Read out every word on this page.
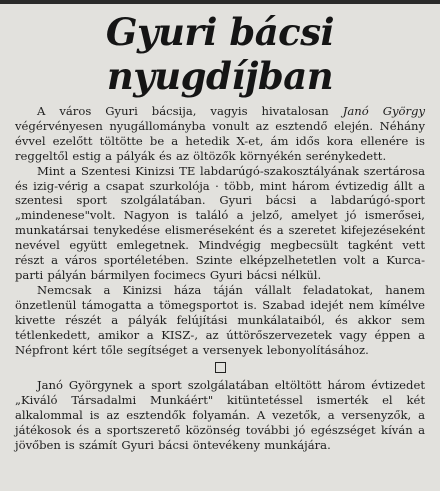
Gyuri bácsi nyugdíjban

A város Gyuri bácsija, vagyis hivatalosan Janó György végérvényesen nyugállományba vonult az esztendő elején. Néhány évvel ezelőtt töltötte be a hetedik X-et, ám idős kora ellenére is reggeltől estig a pályák és az öltözők környékén serénykedett.

Mint a Szentesi Kinizsi TE labdarúgó-szakosztályának szertárosa és izig-vérig a csapat szurkolója · több, mint három évtizedig állt a szentesi sport szolgálatában. Gyuri bácsi a labdarúgó-sport „mindenese"volt. Nagyon is találó a jelző, amelyet jó ismerősei, munkatársai tenykedése elismeréseként és a szeretet kifejezéseként nevével együtt emlegetnek. Mindvégig megbecsült tagként vett részt a város sportéletében. Szinte elképzelhetetlen volt a Kurca-parti pályán bármilyen focimecs Gyuri bácsi nélkül.

Nemcsak a Kinizsi háza táján vállalt feladatokat, hanem önzetlenül támogatta a tömegsportot is. Szabad idejét nem kímélve kivette részét a pályák felújítási munkálataiból, és akkor sem tétlenkedett, amikor a KISZ-, az úttörőszervezetek vagy éppen a Népfront kért tőle segítséget a versenyek lebonyolításához.

Janó Györgynek a sport szolgálatában eltöltött három évtizedet „Kiváló Társadalmi Munkáért" kitüntetéssel ismerték el két alkalommal is az esztendők folyamán. A vezetők, a versenyzők, a játékosok és a sportszerető közönség további jó egészséget kíván a jövőben is számít Gyuri bácsi öntevékeny munkájára.
